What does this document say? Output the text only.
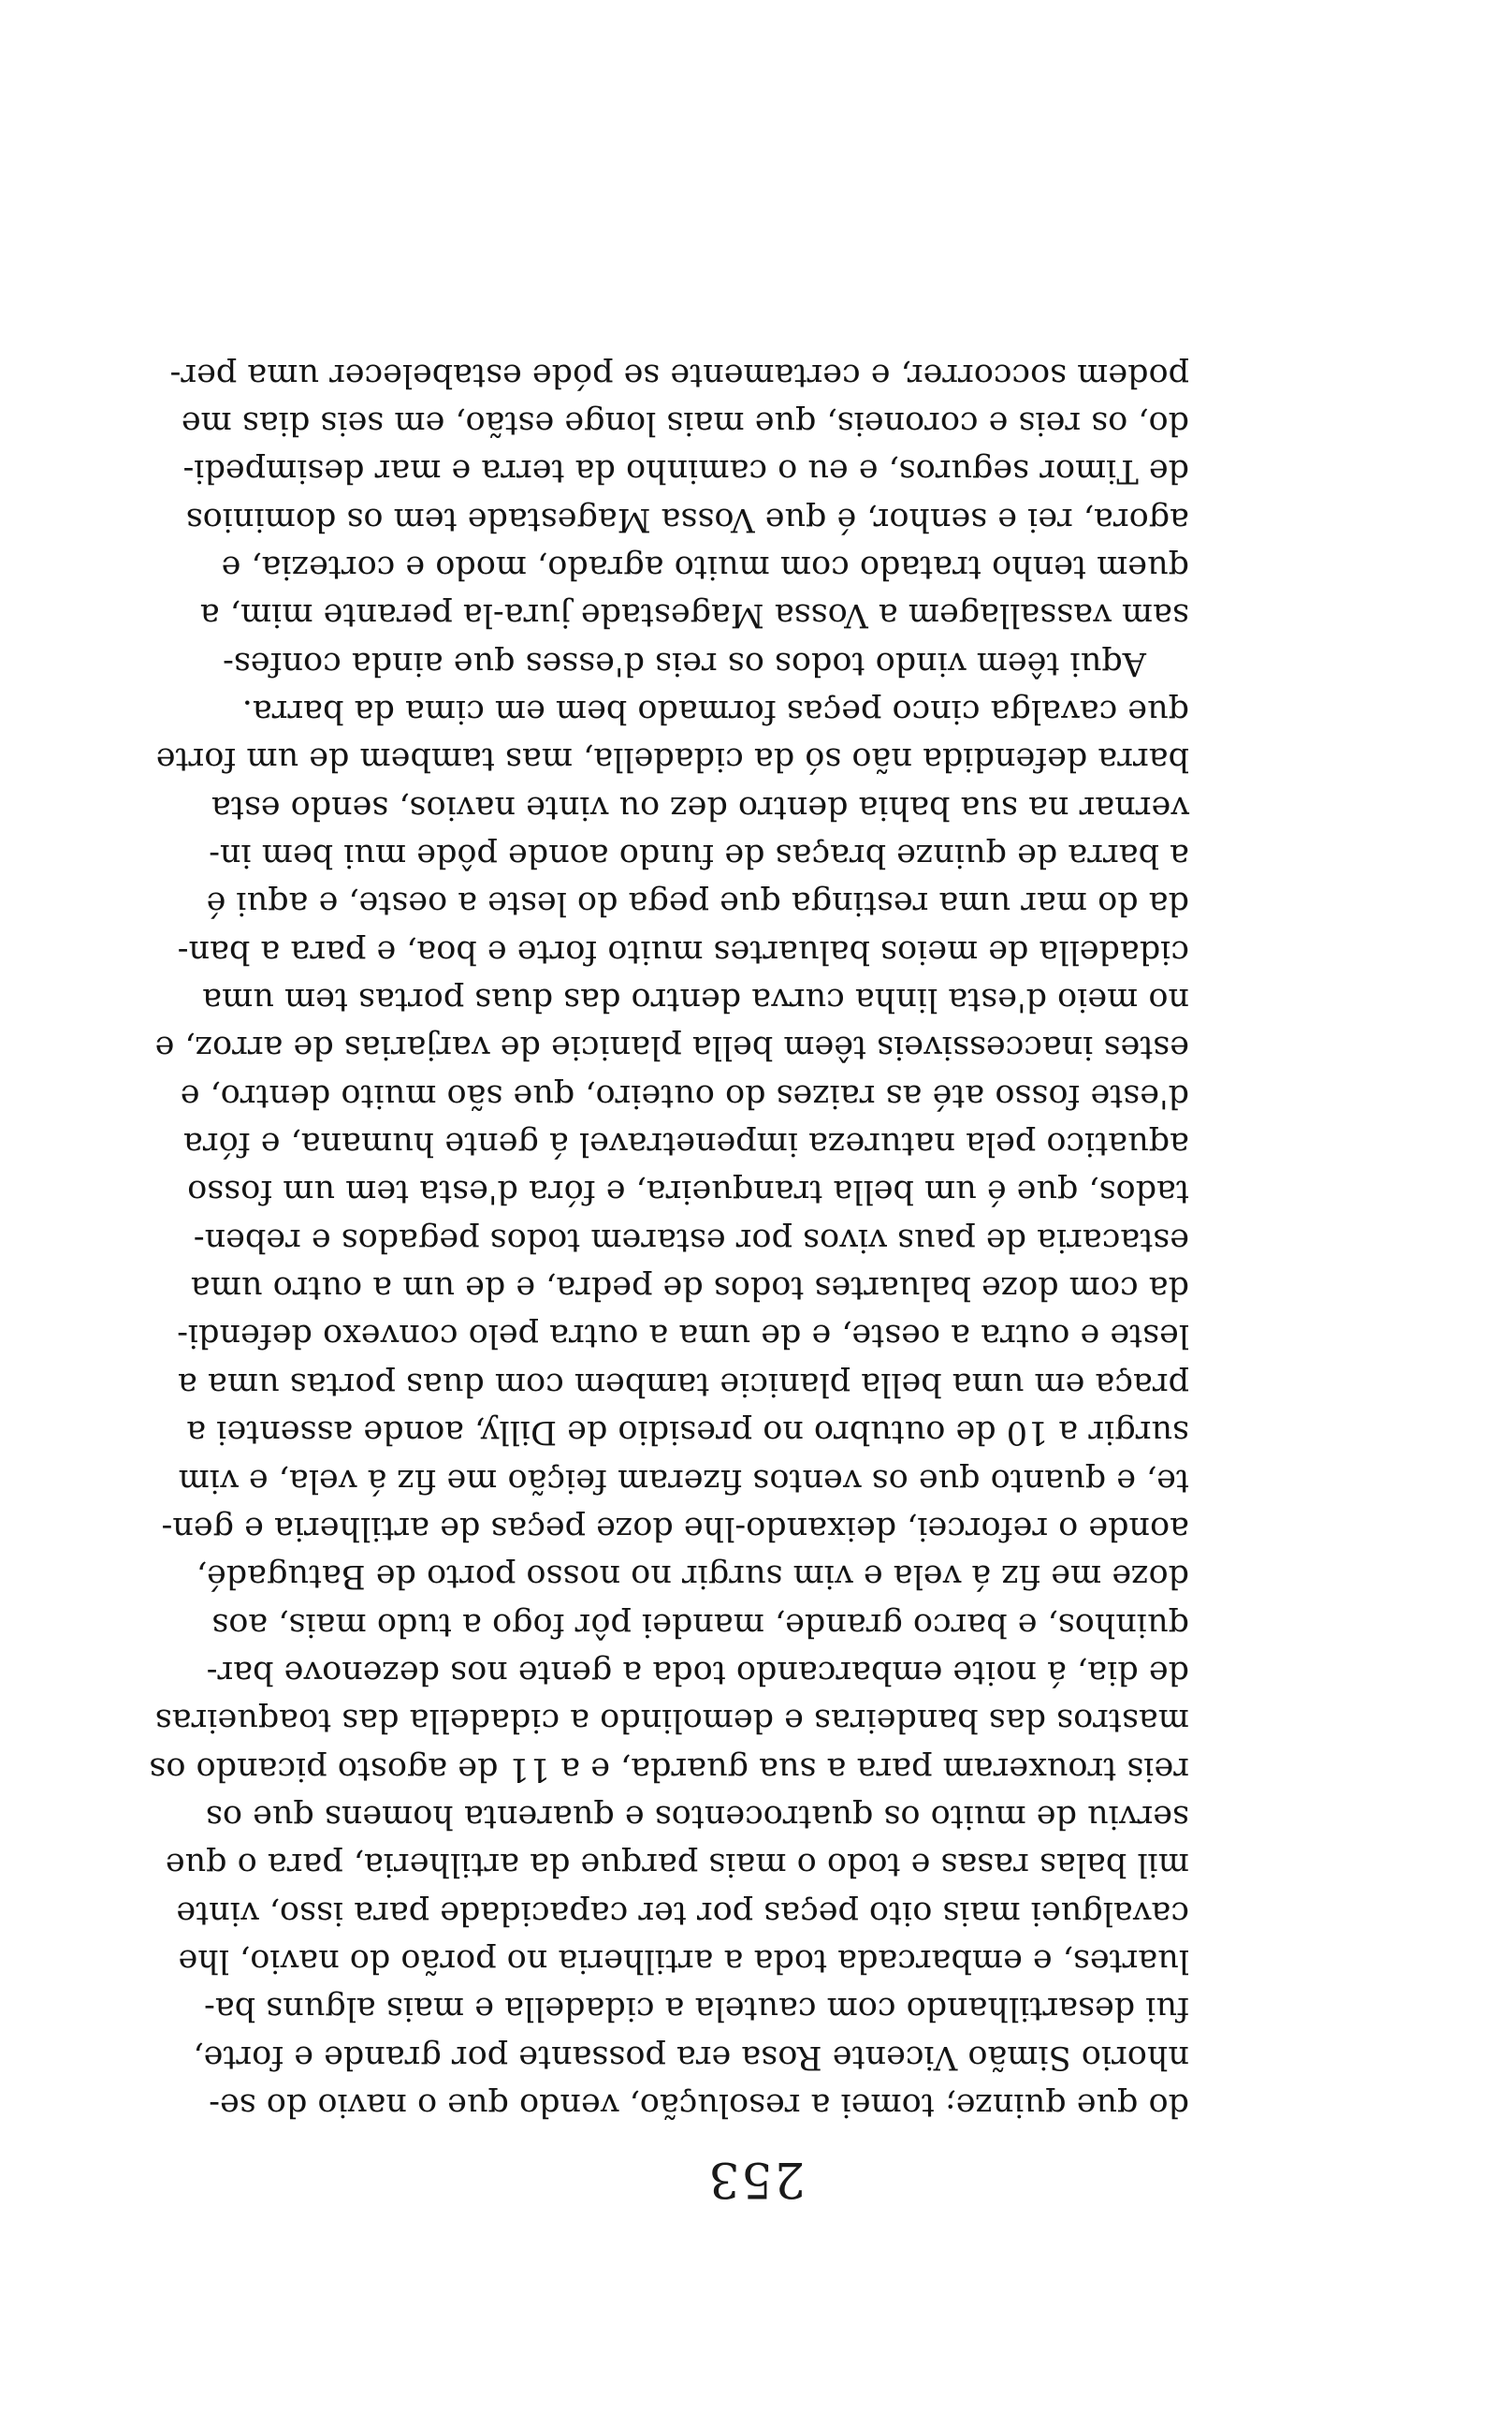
253
do que quinze; tomei a resolução, vendo que o navio do se-
nhorio Simão Vicente Rosa era possante por grande e forte,
fui desartilhando com cautela a cidadella e mais alguns ba-
luartes, e embarcada toda a artilheria no porão do navio, lhe
cavalguei mais oito peças por ter capacidade para isso, vinte
mil balas rasas e todo o mais parque da artilheria, para o que
serviu de muito os quatrocentos e quarenta homens que os
reis trouxeram para a sua guarda, e a 11 de agosto picando os
mastros das bandeiras e demolindo a cidadella das toaqueiras
de dia, á noite embarcando toda a gente nos dezenove bar-
quinhos, e barco grande, mandei pôr fogo a tudo mais, aos
doze me fiz á vela e vim surgir no nosso porto de Batugadé,
aonde o reforcei, deixando-lhe doze peças de artilheria e gen-
te, e quanto que os ventos fizeram feição me fiz á vela, e vim
surgir a 10 de outubro no presidio de Dilly, aonde assentei a
praça em uma bella planicie tambem com duas portas uma a
leste e outra a oeste, e de uma a outra pelo convexo defendi-
da com doze baluartes todos de pedra, e de um a outro uma
estacaria de paus vivos por estarem todos pegados e reben-
tados, que é um bella tranqueira, e fóra d'esta tem um fosso
aquatico pela natureza impenetravel á gente humana, e fóra
d'este fosso até as raizes do outeiro, que são muito dentro, e
estes inaccessiveis têem bella planicie de varjarias de arroz, e
no meio d'esta linha curva dentro das duas portas tem uma
cidadella de meios baluartes muito forte e boa, e para a ban-
da do mar uma restinga que pega do leste a oeste, e aqui é
a barra de quinze braças de fundo aonde pôde mui bem in-
vernar na sua bahia dentro dez ou vinte navios, sendo esta
barra defendida não só da cidadella, mas tambem de um forte
que cavalga cinco peças formado bem em cima da barra.
Aqui têem vindo todos os reis d'esses que ainda confes-
sam vassallagem a Vossa Magestade jura-la perante mim, a
quem tenho tratado com muito agrado, modo e cortezia, e
agora, rei e senhor, é que Vossa Magestade tem os dominios
de Timor seguros, e eu o caminho da terra e mar desimpedi-
do, os reis e coroneis, que mais longe estão, em seis dias me
podem soccorrer, e certamente se póde estabelecer uma per-
